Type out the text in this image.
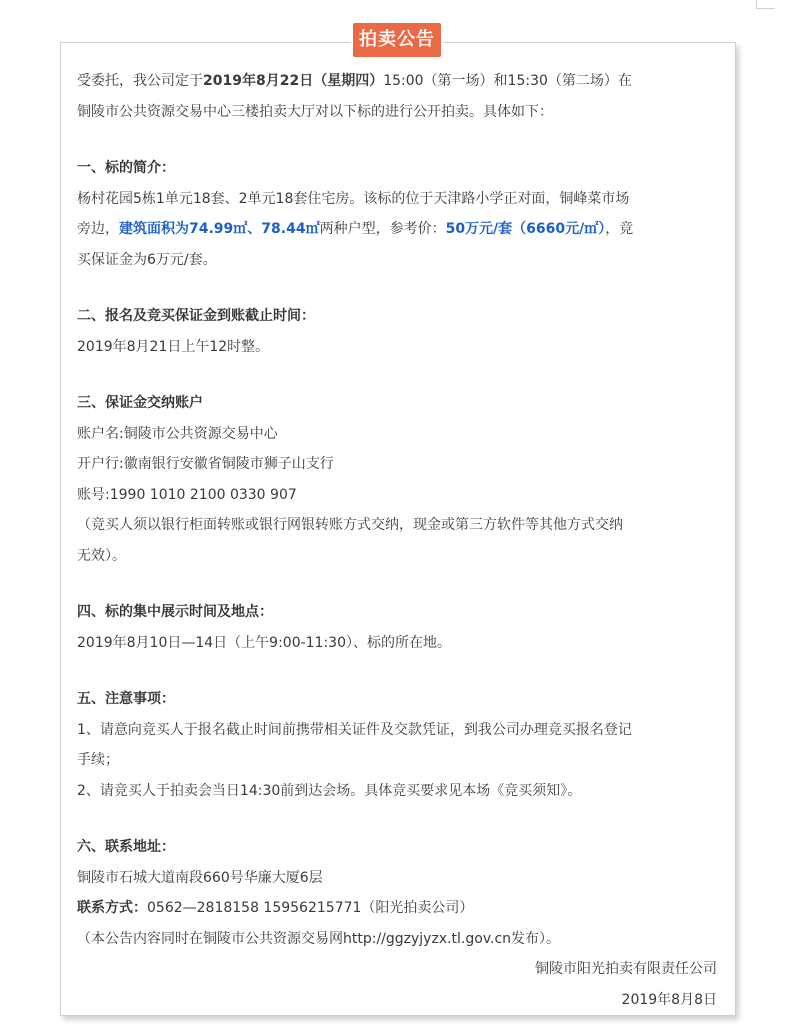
拍卖公告

受委托，我公司定于2019年8月22日（星期四）15:00（第一场）和15:30（第二场）在

铜陵市公共资源交易中心三楼拍卖大厅对以下标的进行公开拍卖。具体如下：

一、标的简介：

杨村花园5栋1单元18套、2单元18套住宅房。该标的位于天津路小学正对面，铜峰菜市场

旁边，建筑面积为74.99㎡、78.44㎡两种户型，参考价：50万元/套（6660元/㎡），竞

买保证金为6万元/套。

二、报名及竞买保证金到账截止时间：

2019年8月21日上午12时整。

三、保证金交纳账户

账户名:铜陵市公共资源交易中心

开户行:徽南银行安徽省铜陵市狮子山支行

账号:1990 1010 2100 0330 907

（竞买人须以银行柜面转账或银行网银转账方式交纳，现金或第三方软件等其他方式交纳

无效）。

四、标的集中展示时间及地点：

2019年8月10日—14日（上午9:00-11:30）、标的所在地。

五、注意事项：

1、请意向竞买人于报名截止时间前携带相关证件及交款凭证，到我公司办理竞买报名登记

手续；

2、请竞买人于拍卖会当日14:30前到达会场。具体竞买要求见本场《竞买须知》。

六、联系地址：

铜陵市石城大道南段660号华廉大厦6层

联系方式：0562—2818158 15956215771（阳光拍卖公司）

（本公告内容同时在铜陵市公共资源交易网http://ggzyjyzx.tl.gov.cn发布）。

铜陵市阳光拍卖有限责任公司

2019年8月8日
